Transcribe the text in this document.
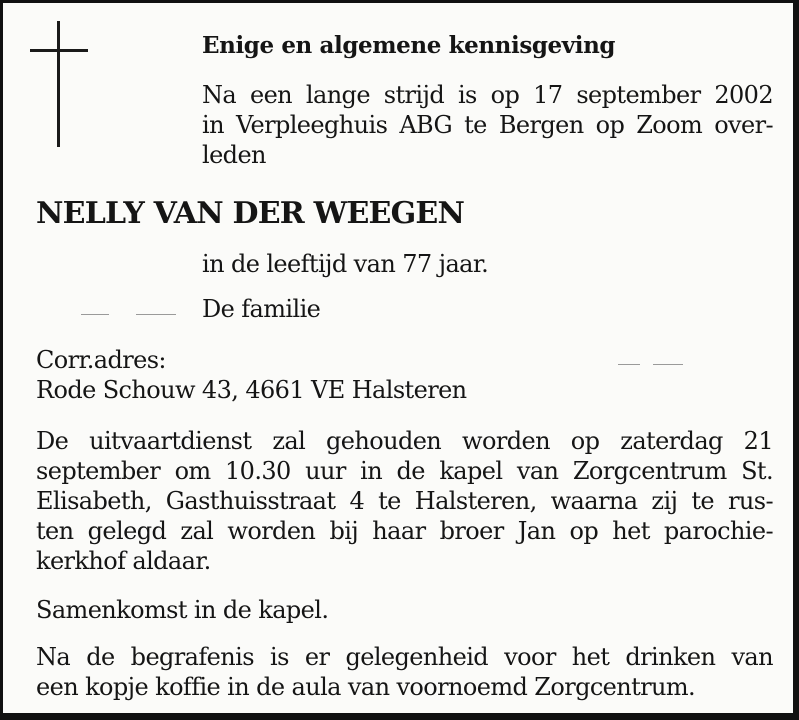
Enige en algemene kennisgeving
Na een lange strijd is op 17 september 2002
in Verpleeghuis ABG te Bergen op Zoom over-
leden
NELLY VAN DER WEEGEN
in de leeftijd van 77 jaar.
De familie
Corr.adres:
Rode Schouw 43, 4661 VE Halsteren
De uitvaartdienst zal gehouden worden op zaterdag 21
september om 10.30 uur in de kapel van Zorgcentrum St.
Elisabeth, Gasthuisstraat 4 te Halsteren, waarna zij te rus-
ten gelegd zal worden bij haar broer Jan op het parochie-
kerkhof aldaar.
Samenkomst in de kapel.
Na de begrafenis is er gelegenheid voor het drinken van
een kopje koffie in de aula van voornoemd Zorgcentrum.
